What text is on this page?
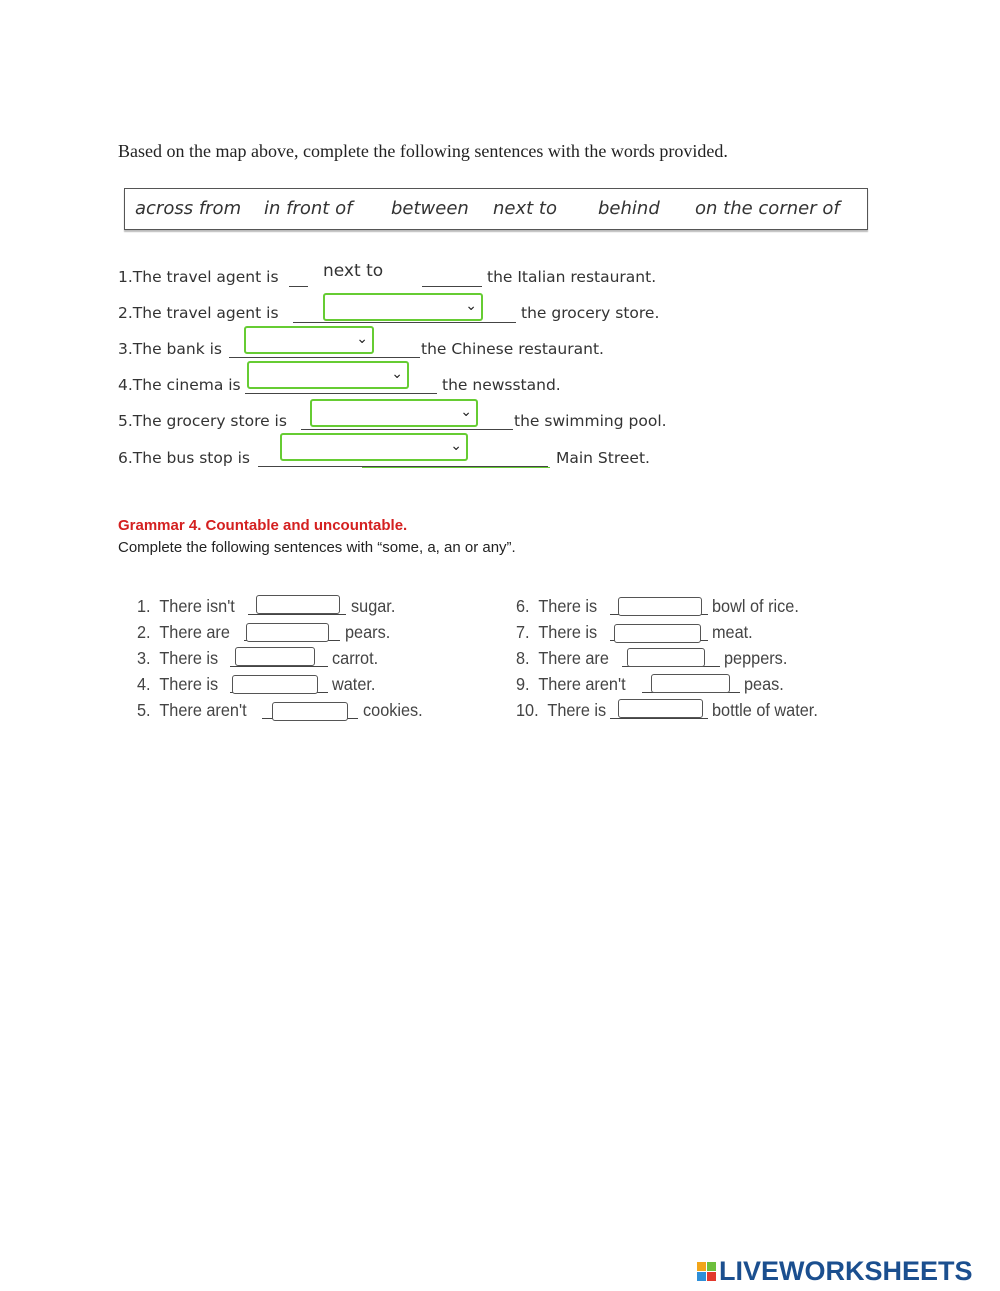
Based on the map above, complete the following sentences with the words provided.
across from in front of between next to behind on the corner of
1.The travel agent is	next to	the Italian restaurant.
2.The travel agent is	⌄	the grocery store.
3.The bank is
⌄
the Chinese restaurant.
4.The cinema is
⌄
the newsstand.
5.The grocery store is	⌄	the swimming pool.
6.The bus stop is
⌄
Main Street.
Grammar 4. Countable and uncountable.
Complete the following sentences with “some, a, an or any”.
1. There isn't	sugar.
2. There are	pears.
3. There is	carrot.
4. There is	water.
5. There aren't	cookies.
6. There is	bowl of rice.
7. There is	meat.
8. There are	peppers.
9. There aren't	peas.
10. There is	bottle of water.
LIVEWORKSHEETS
